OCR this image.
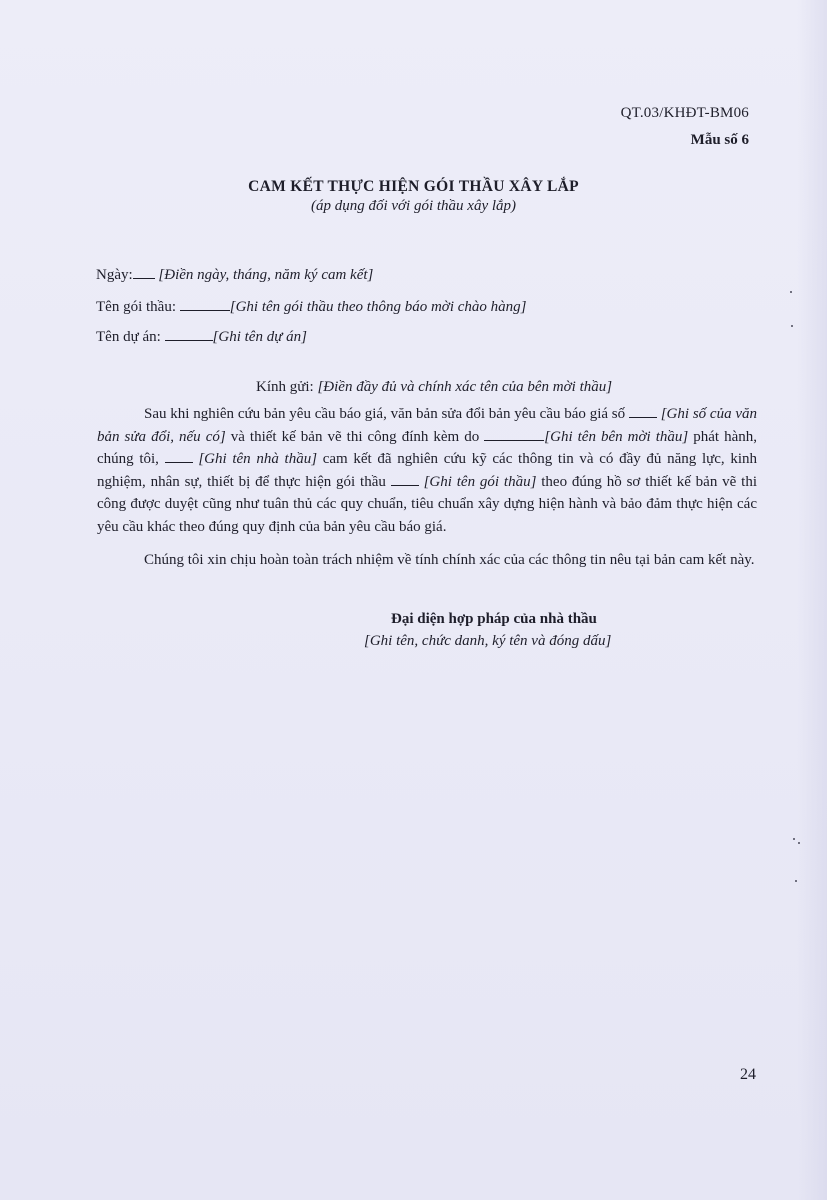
QT.03/KHĐT-BM06
Mẫu số 6
CAM KẾT THỰC HIỆN GÓI THẦU XÂY LẮP
(áp dụng đối với gói thầu xây lắp)
Ngày: [Điền ngày, tháng, năm ký cam kết]
Tên gói thầu:	[Ghi tên gói thầu theo thông báo mời chào hàng]
Tên dự án:	[Ghi tên dự án]
Kính gửi: [Điền đầy đủ và chính xác tên của bên mời thầu]
Sau khi nghiên cứu bản yêu cầu báo giá, văn bản sửa đổi bản yêu cầu báo giá số [Ghi số của văn bản sửa đổi, nếu có] và thiết kế bản vẽ thi công đính kèm do	[Ghi tên bên mời thầu] phát hành, chúng tôi,	[Ghi tên nhà thầu] cam kết đã nghiên cứu kỹ các thông tin và có đầy đủ năng lực, kinh nghiệm, nhân sự, thiết bị để thực hiện gói thầu	[Ghi tên gói thầu] theo đúng hồ sơ thiết kế bản vẽ thi công được duyệt cũng như tuân thủ các quy chuẩn, tiêu chuẩn xây dựng hiện hành và bảo đảm thực hiện các yêu cầu khác theo đúng quy định của bản yêu cầu báo giá.
Chúng tôi xin chịu hoàn toàn trách nhiệm về tính chính xác của các thông tin nêu tại bản cam kết này.
Đại diện hợp pháp của nhà thầu
[Ghi tên, chức danh, ký tên và đóng dấu]
24
